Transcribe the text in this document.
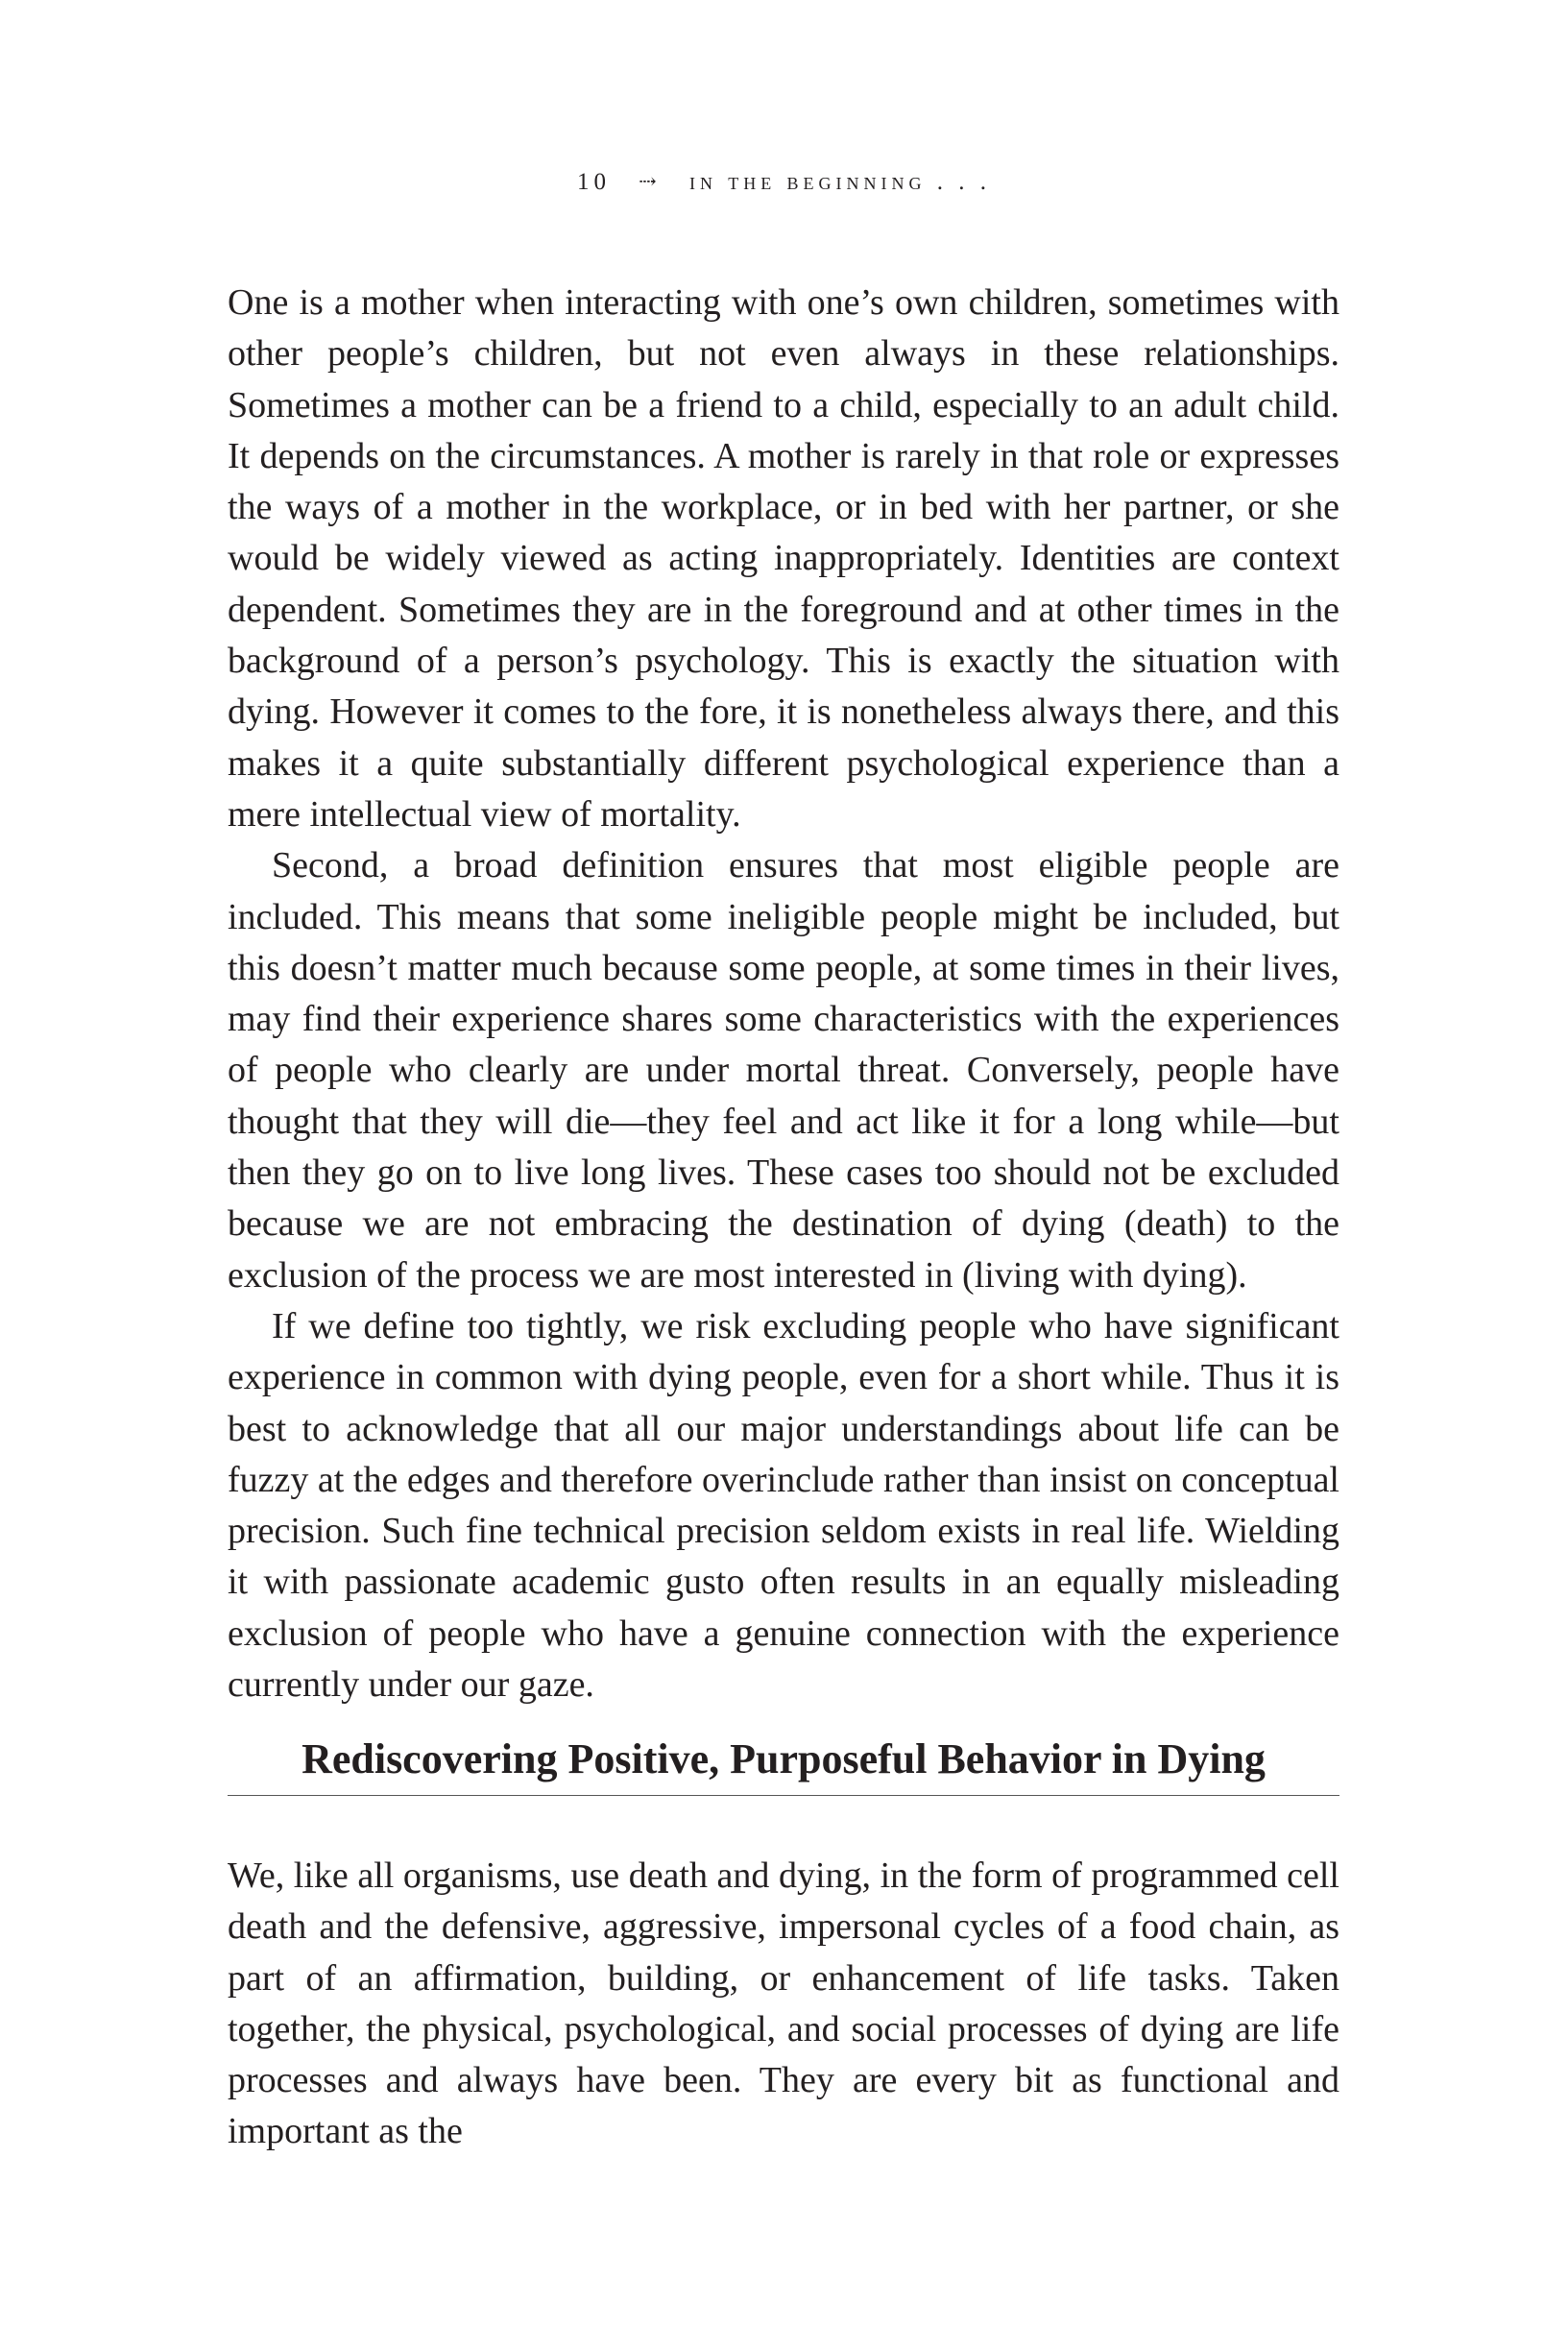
10 ⇢ in the beginning . . .

One is a mother when interacting with one’s own children, sometimes with other people’s children, but not even always in these relationships. Sometimes a mother can be a friend to a child, especially to an adult child. It depends on the circumstances. A mother is rarely in that role or expresses the ways of a mother in the workplace, or in bed with her partner, or she would be widely viewed as acting inappropriately. Identities are context dependent. Sometimes they are in the foreground and at other times in the background of a person’s psychology. This is exactly the situation with dying. However it comes to the fore, it is nonetheless always there, and this makes it a quite substantially different psychological experience than a mere intellectual view of mortality.

Second, a broad definition ensures that most eligible people are included. This means that some ineligible people might be included, but this doesn’t matter much because some people, at some times in their lives, may find their experience shares some characteristics with the experiences of people who clearly are under mortal threat. Conversely, people have thought that they will die—they feel and act like it for a long while—but then they go on to live long lives. These cases too should not be excluded because we are not embracing the destination of dying (death) to the exclusion of the process we are most interested in (living with dying).

If we define too tightly, we risk excluding people who have significant experience in common with dying people, even for a short while. Thus it is best to acknowledge that all our major understandings about life can be fuzzy at the edges and therefore overinclude rather than insist on conceptual precision. Such fine technical precision seldom exists in real life. Wielding it with passionate academic gusto often results in an equally misleading exclusion of people who have a genuine connection with the experience currently under our gaze.

Rediscovering Positive, Purposeful Behavior in Dying

We, like all organisms, use death and dying, in the form of programmed cell death and the defensive, aggressive, impersonal cycles of a food chain, as part of an affirmation, building, or enhancement of life tasks. Taken together, the physical, psychological, and social processes of dying are life processes and always have been. They are every bit as functional and important as the
